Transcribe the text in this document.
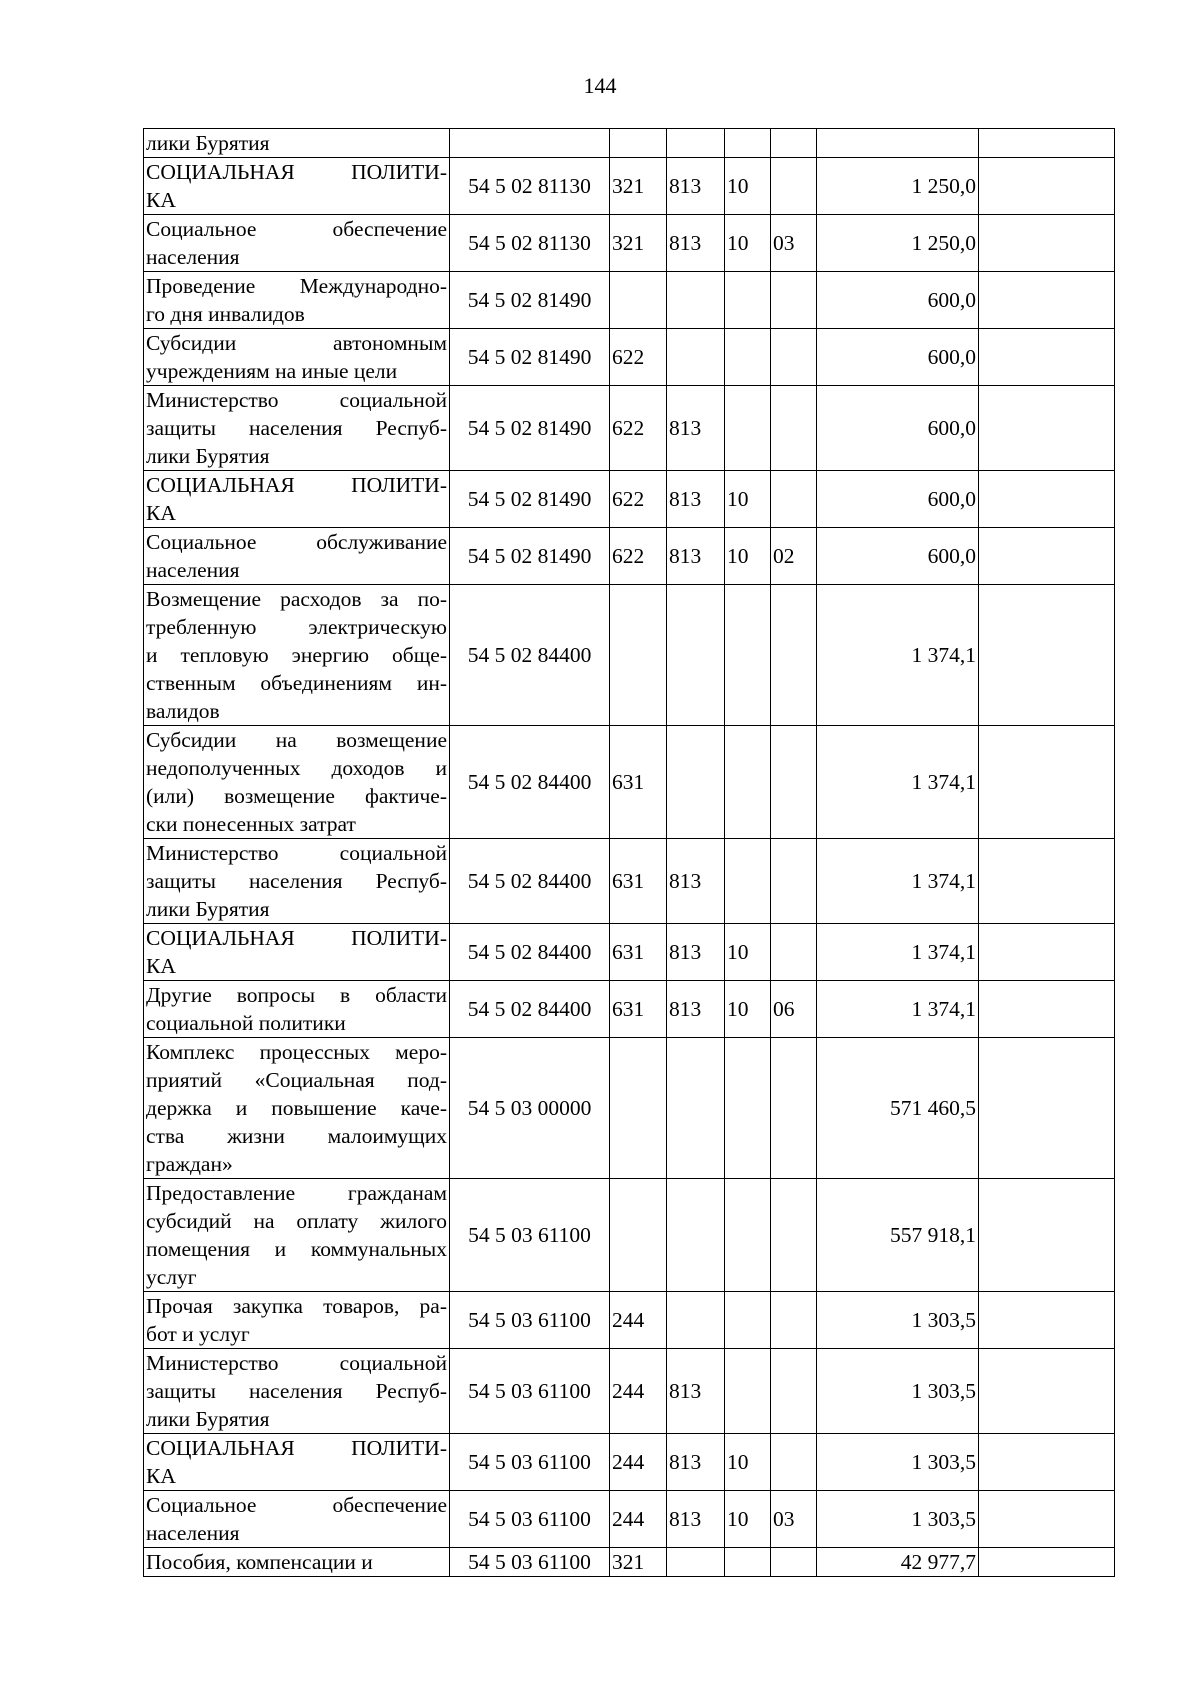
144
лики Бурятия							

СОЦИАЛЬНАЯ ПОЛИТИ-
КА	54 5 02 81130	321	813	10		1 250,0	

Социальное обеспечение
населения	54 5 02 81130	321	813	10	03	1 250,0	

Проведение Международно-
го дня инвалидов	54 5 02 81490					600,0	

Субсидии автономным
учреждениям на иные цели	54 5 02 81490	622				600,0	

Министерство социальной
защиты населения Респуб-
лики Бурятия	54 5 02 81490	622	813			600,0	

СОЦИАЛЬНАЯ ПОЛИТИ-
КА	54 5 02 81490	622	813	10		600,0	

Социальное обслуживание
населения	54 5 02 81490	622	813	10	02	600,0	

Возмещение расходов за по-
требленную электрическую
и тепловую энергию обще-
ственным объединениям ин-
валидов	54 5 02 84400					1 374,1	

Субсидии на возмещение
недополученных доходов и
(или) возмещение фактиче-
ски понесенных затрат	54 5 02 84400	631				1 374,1	

Министерство социальной
защиты населения Респуб-
лики Бурятия	54 5 02 84400	631	813			1 374,1	

СОЦИАЛЬНАЯ ПОЛИТИ-
КА	54 5 02 84400	631	813	10		1 374,1	

Другие вопросы в области
социальной политики	54 5 02 84400	631	813	10	06	1 374,1	

Комплекс процессных меро-
приятий «Социальная под-
держка и повышение каче-
ства жизни малоимущих
граждан»	54 5 03 00000					571 460,5	

Предоставление гражданам
субсидий на оплату жилого
помещения и коммунальных
услуг	54 5 03 61100					557 918,1	

Прочая закупка товаров, ра-
бот и услуг	54 5 03 61100	244				1 303,5	

Министерство социальной
защиты населения Респуб-
лики Бурятия	54 5 03 61100	244	813			1 303,5	

СОЦИАЛЬНАЯ ПОЛИТИ-
КА	54 5 03 61100	244	813	10		1 303,5	

Социальное обеспечение
населения	54 5 03 61100	244	813	10	03	1 303,5	

Пособия, компенсации и	54 5 03 61100	321				42 977,7	
